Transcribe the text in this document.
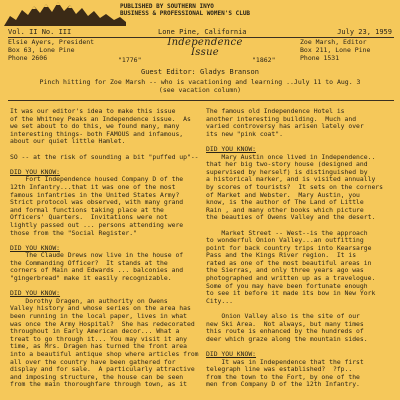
PUBLISHED BY SOUTHERN INYO
BUSINESS & PROFESSIONAL WOMEN'S CLUB
Vol. II No. III	Lone Pine, California	July 23, 1959
Elsie Ayers, President
Box 63, Lone Pine
Phone 2606	"1776"
Independence Issue
"1862"
Zoe Marsh, Editor
Box 211, Lone Pine
Phone 1531
Guest Editor: Gladys Branson
Pinch hitting for Zoe Marsh -- who is vacationing and learning ..July 11 to Aug. 3
(see vacation column)

It was our editor's idea to make this issue
of the Whitney Peaks an Independence issue.  As
we set about to do this, we found many, many
interesting things- both FAMOUS and infamous,
about our quiet little Hamlet.

SO -- at the risk of sounding a bit "puffed up"--

DID YOU KNOW:

Fort Independence housed Company D of the
12th Infantry...that it was one of the most
famous infantries in the United States Army?
Strict protocol was observed, with many grand
and formal functions taking place at the
Officers' Quarters.  Invitations were not
lightly passed out ... persons attending were
those from the "Social Register."

DID YOU KNOW:

The Claude Drews now live in the house of
the Commanding Officer?  It stands at the
corners of Main and Edwards ... balconies and
"gingerbread" make it easily recognizable.

DID YOU KNOW:

Dorothy Dragen, an authority on Owens
Valley history and whose series on the area has
been running in the local paper, lives in what
was once the Army Hospital?  She has redecorated
throughout in Early American decor... What a
treat to go through it... You may visit it any
time, as Mrs. Dragen has turned the front area
into a beautiful antique shop where articles from
all over the country have been gathered for
display and for sale.  A particularly attractive
and imposing structure, the house can be seen
from the main thoroughfare through town, as it

The famous old Independence Hotel is
another interesting building.  Much and
varied controversy has arisen lately over
its new "pink coat".

DID YOU KNOW:

Mary Austin once lived in Independence..
that her big two-story house (designed and
supervised by herself) is distinguished by
a historical marker, and is visited annually
by scores of tourists?  It sets on the corners
of Market and Webster.  Mary Austin, you
know, is the author of The Land of Little
Rain , and many other books which picture
the beauties of Owens Valley and the desert.

Market Street -- West--is the approach
to wonderful Onion Valley...an outfitting
point for back country trips into Kearsarge
Pass and the Kings River region.  It is
rated as one of the most beautiful areas in
the Sierras, and only three years ago was
photographed and written up as a travelogue.
Some of you may have been fortunate enough
to see it before it made its bow in New York
City...

Onion Valley also is the site of our
new Ski Area.  Not always, but many times
this route is enhanced by the hundreds of
deer which graze along the mountain sides.

DID YOU KNOW:

It was in Independence that the first
telegraph line was established?  ?fp..
from the town to the Fort, by one of the
men from Company D of the 12th Infantry.
